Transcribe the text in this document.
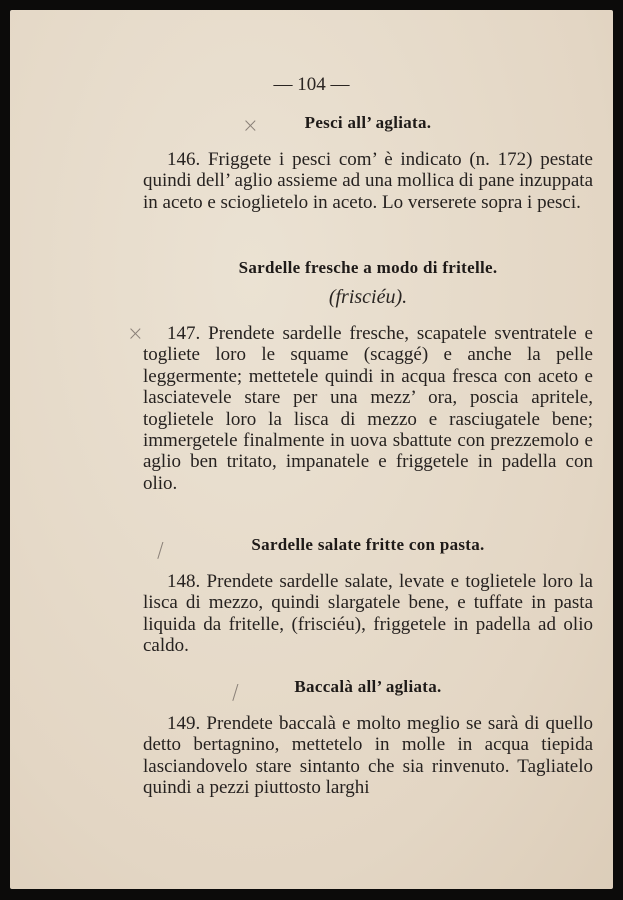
— 104 —
×	Pesci all’ agliata.

146. Friggete i pesci com’ è indicato (n. 172) pestate quindi dell’ aglio assieme ad una mollica di pane inzuppata in aceto e scioglietelo in aceto. Lo verserete sopra i pesci.

Sardelle fresche a modo di fritelle.
(frisciéu).
×	147. Prendete sardelle fresche, scapatele sventratele e togliete loro le squame (scaggé) e anche la pelle leggermente; mettetele quindi in acqua fresca con aceto e lasciatevele stare per una mezz’ ora, poscia apritele, toglietele loro la lisca di mezzo e rasciugatele bene; immergetele finalmente in uova sbattute con prezzemolo e aglio ben tritato, impanatele e friggetele in padella con olio.

/	Sardelle salate fritte con pasta.

148. Prendete sardelle salate, levate e toglietele loro la lisca di mezzo, quindi slargatele bene, e tuffate in pasta liquida da fritelle, (frisciéu), friggetele in padella ad olio caldo.

/	Baccalà all’ agliata.

149. Prendete baccalà e molto meglio se sarà di quello detto bertagnino, mettetelo in molle in acqua tiepida lasciandovelo stare sintanto che sia rinvenuto. Tagliatelo quindi a pezzi piuttosto larghi
